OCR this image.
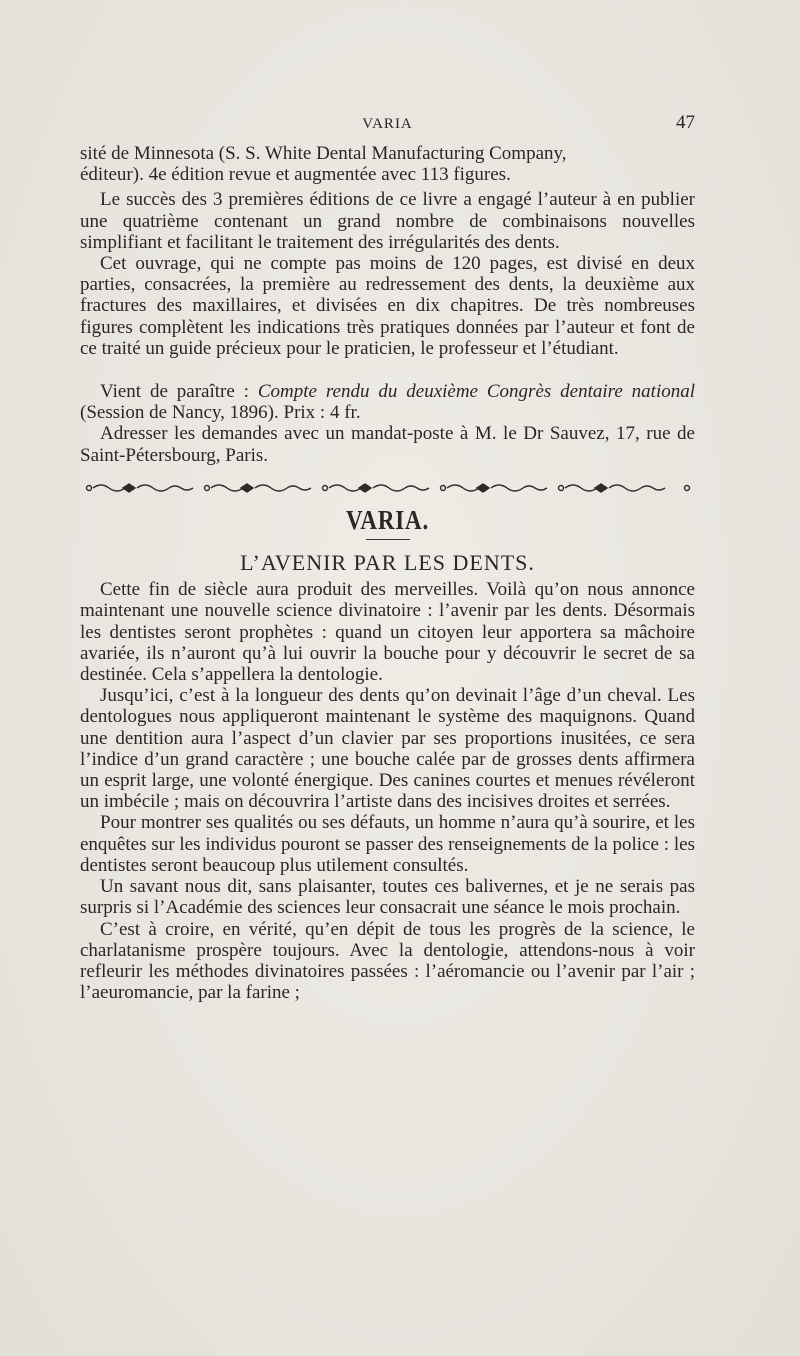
VARIA	47

sité de Minnesota (S. S. White Dental Manufacturing Company,

éditeur). 4e édition revue et augmentée avec 113 figures.

Le succès des 3 premières éditions de ce livre a engagé l’auteur à en publier une quatrième contenant un grand nombre de combinaisons nouvelles simplifiant et facilitant le traitement des irrégularités des dents.

Cet ouvrage, qui ne compte pas moins de 120 pages, est divisé en deux parties, consacrées, la première au redressement des dents, la deuxième aux fractures des maxillaires, et divisées en dix chapitres. De très nombreuses figures complètent les indications très pratiques données par l’auteur et font de ce traité un guide précieux pour le praticien, le professeur et l’étudiant.

Vient de paraître : Compte rendu du deuxième Congrès dentaire national (Session de Nancy, 1896). Prix : 4 fr.

Adresser les demandes avec un mandat-poste à M. le Dr Sauvez, 17, rue de Saint-Pétersbourg, Paris.

VARIA.
L’AVENIR PAR LES DENTS.

Cette fin de siècle aura produit des merveilles. Voilà qu’on nous annonce maintenant une nouvelle science divinatoire : l’avenir par les dents. Désormais les dentistes seront prophètes : quand un citoyen leur apportera sa mâchoire avariée, ils n’auront qu’à lui ouvrir la bouche pour y découvrir le secret de sa destinée. Cela s’appellera la dentologie.

Jusqu’ici, c’est à la longueur des dents qu’on devinait l’âge d’un cheval. Les dentologues nous appliqueront maintenant le système des maquignons. Quand une dentition aura l’aspect d’un clavier par ses proportions inusitées, ce sera l’indice d’un grand caractère ; une bouche calée par de grosses dents affirmera un esprit large, une volonté énergique. Des canines courtes et menues révéleront un imbécile ; mais on découvrira l’artiste dans des incisives droites et serrées.

Pour montrer ses qualités ou ses défauts, un homme n’aura qu’à sourire, et les enquêtes sur les individus pouront se passer des renseignements de la police : les dentistes seront beaucoup plus utilement consultés.

Un savant nous dit, sans plaisanter, toutes ces balivernes, et je ne serais pas surpris si l’Académie des sciences leur consacrait une séance le mois prochain.

C’est à croire, en vérité, qu’en dépit de tous les progrès de la science, le charlatanisme prospère toujours. Avec la dentologie, attendons-nous à voir refleurir les méthodes divinatoires passées : l’aéromancie ou l’avenir par l’air ; l’aeuromancie, par la farine ;
